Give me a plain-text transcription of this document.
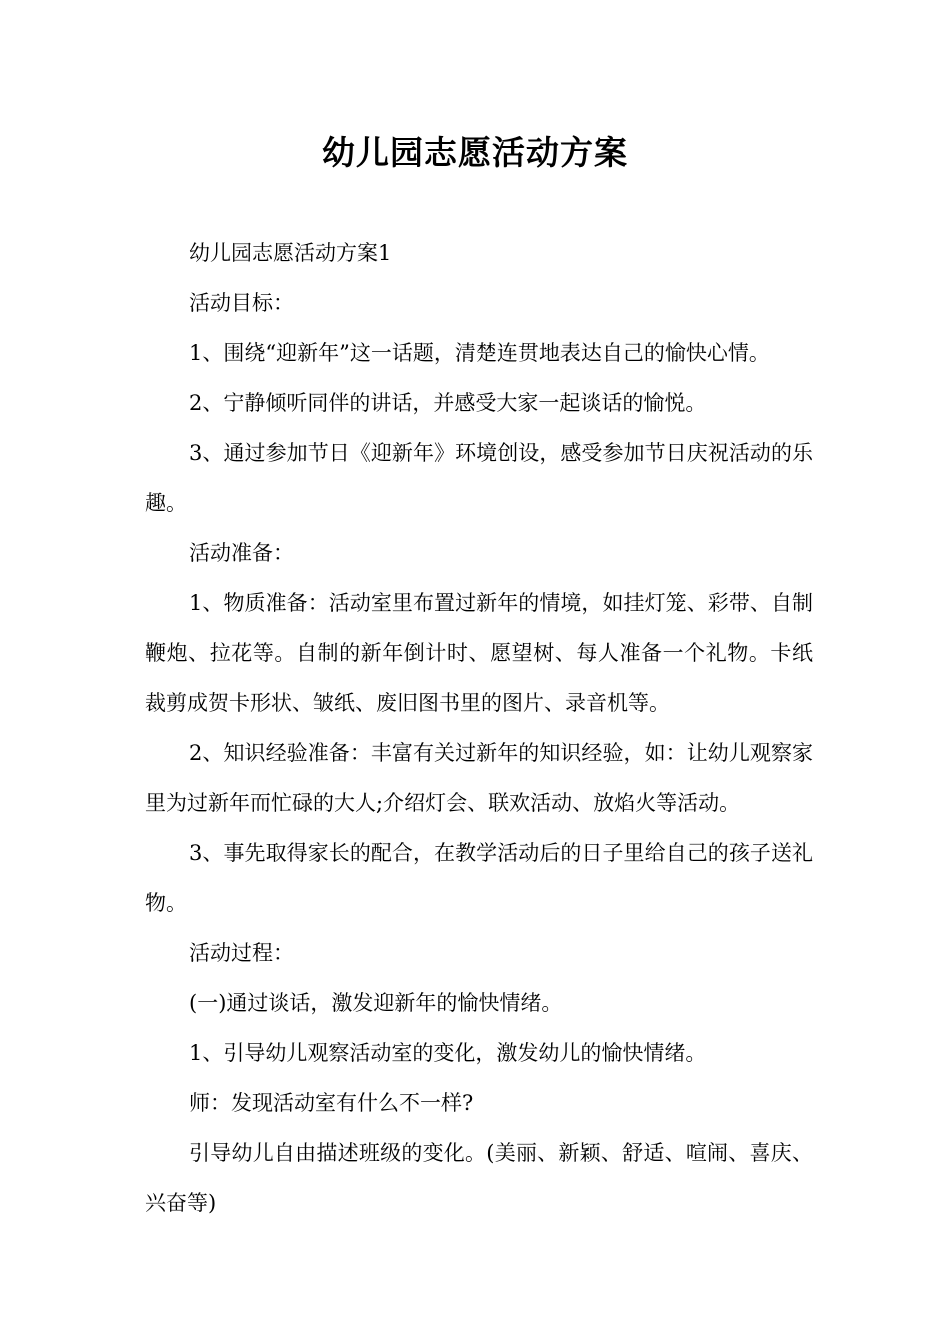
幼儿园志愿活动方案

幼儿园志愿活动方案1

活动目标：

1、围绕“迎新年”这一话题，清楚连贯地表达自己的愉快心情。

2、宁静倾听同伴的讲话，并感受大家一起谈话的愉悦。

3、通过参加节日《迎新年》环境创设，感受参加节日庆祝活动的乐趣。

活动准备：

1、物质准备：活动室里布置过新年的情境，如挂灯笼、彩带、自制鞭炮、拉花等。自制的新年倒计时、愿望树、每人准备一个礼物。卡纸裁剪成贺卡形状、皱纸、废旧图书里的图片、录音机等。

2、知识经验准备：丰富有关过新年的知识经验，如：让幼儿观察家里为过新年而忙碌的大人;介绍灯会、联欢活动、放焰火等活动。

3、事先取得家长的配合，在教学活动后的日子里给自己的孩子送礼物。

活动过程：

(一)通过谈话，激发迎新年的愉快情绪。

1、引导幼儿观察活动室的变化，激发幼儿的愉快情绪。

师：发现活动室有什么不一样?

引导幼儿自由描述班级的变化。(美丽、新颖、舒适、喧闹、喜庆、兴奋等)
